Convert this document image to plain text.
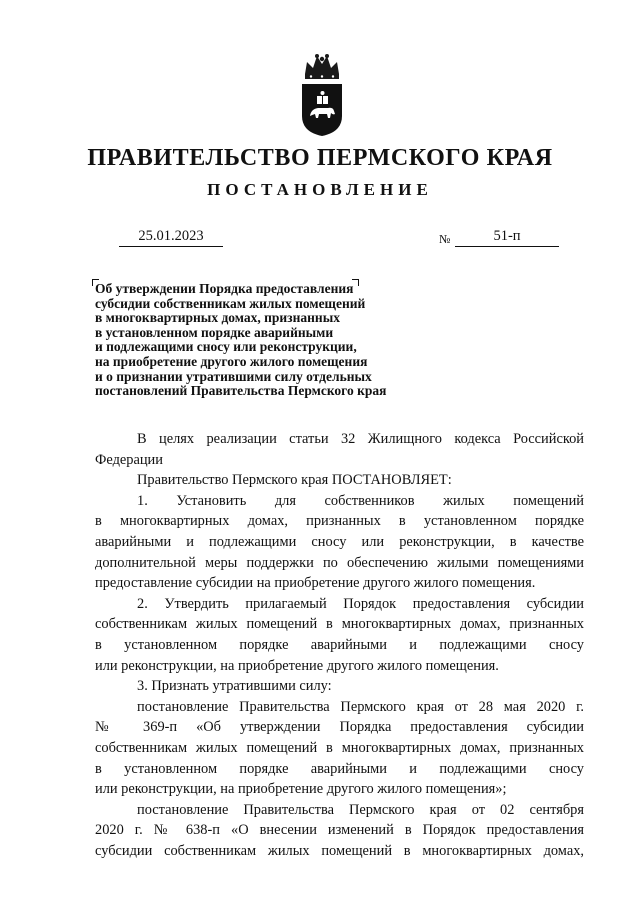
ПРАВИТЕЛЬСТВО ПЕРМСКОГО КРАЯ
ПОСТАНОВЛЕНИЕ
25.01.2023	№	51-п
Об утверждении Порядка предоставления
субсидии собственникам жилых помещений
в многоквартирных домах, признанных
в установленном порядке аварийными
и подлежащими сносу или реконструкции,
на приобретение другого жилого помещения
и о признании утратившими силу отдельных
постановлений Правительства Пермского края
В целях реализации статьи 32 Жилищного кодекса Российской
Федерации
Правительство Пермского края ПОСТАНОВЛЯЕТ:
1. Установить для собственников жилых помещений
в многоквартирных домах, признанных в установленном порядке
аварийными и подлежащими сносу или реконструкции, в качестве
дополнительной меры поддержки по обеспечению жилыми помещениями
предоставление субсидии на приобретение другого жилого помещения.
2. Утвердить прилагаемый Порядок предоставления субсидии
собственникам жилых помещений в многоквартирных домах, признанных
в установленном порядке аварийными и подлежащими сносу
или реконструкции, на приобретение другого жилого помещения.
3. Признать утратившими силу:
постановление Правительства Пермского края от 28 мая 2020 г.
№ 369-п «Об утверждении Порядка предоставления субсидии
собственникам жилых помещений в многоквартирных домах, признанных
в установленном порядке аварийными и подлежащими сносу
или реконструкции, на приобретение другого жилого помещения»;
постановление Правительства Пермского края от 02 сентября
2020 г. № 638-п «О внесении изменений в Порядок предоставления
субсидии собственникам жилых помещений в многоквартирных домах,
